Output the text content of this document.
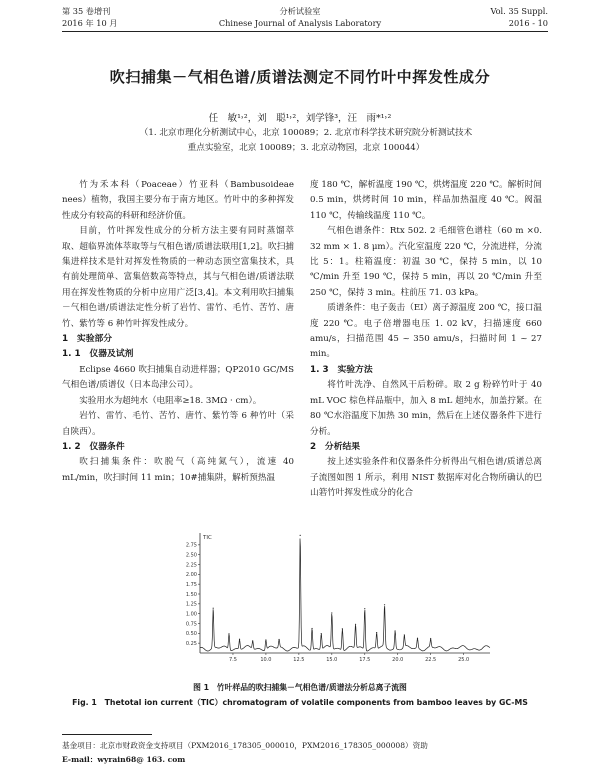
第 35 卷增刊
2016 年 10 月
分析试验室
Chinese Journal of Analysis Laboratory
Vol. 35 Suppl.
2016 - 10
吹扫捕集－气相色谱/质谱法测定不同竹叶中挥发性成分
任　敏¹˒²，刘　聪¹˒²，刘学锋³，汪　雨*¹˒²
（1. 北京市理化分析测试中心，北京 100089；2. 北京市科学技术研究院分析测试技术
重点实验室，北京 100089；3. 北京动物园，北京 100044）

竹为禾本科（Poaceae）竹亚科（Bambusoideae nees）植物，我国主要分布于南方地区。竹叶中的多种挥发性成分有较高的科研和经济价值。

目前，竹叶挥发性成分的分析方法主要有同时蒸馏萃取、超临界流体萃取等与气相色谱/质谱法联用[1,2]。吹扫捕集进样技术是针对挥发性物质的一种动态顶空富集技术，具有前处理简单、富集倍数高等特点，其与气相色谱/质谱法联用在挥发性物质的分析中应用广泛[3,4]。本文利用吹扫捕集－气相色谱/质谱法定性分析了岩竹、雷竹、毛竹、苦竹、唐竹、紫竹等 6 种竹叶挥发性成分。

1　实验部分
1. 1　仪器及试剂

Eclipse 4660 吹扫捕集自动进样器；QP2010 GC/MS 气相色谱/质谱仪（日本岛津公司）。

实验用水为超纯水（电阻率≥18. 3MΩ · cm）。

岩竹、雷竹、毛竹、苦竹、唐竹、紫竹等 6 种竹叶（采自陕西）。

1. 2　仪器条件

吹扫捕集条件：吹脱气（高纯氮气），流速 40 mL/min，吹扫时间 11 min；10#捕集阱，解析预热温

度 180 ℃，解析温度 190 ℃，烘烤温度 220 ℃。解析时间 0.5 min，烘烤时间 10 min，样品加热温度 40 ℃。阀温 110 ℃，传输线温度 110 ℃。

气相色谱条件：Rtx 502. 2 毛细管色谱柱（60 m ×0. 32 mm × 1. 8 μm）。汽化室温度 220 ℃，分流进样，分流比 5：1。柱箱温度：初温 30 ℃，保持 5 min，以 10 ℃/min 升至 190 ℃，保持 5 min，再以 20 ℃/min 升至 250 ℃，保持 3 min。柱前压 71. 03 kPa。

质谱条件：电子轰击（EI）离子源温度 200 ℃，接口温度 220 ℃。电子倍增器电压 1. 02 kV，扫描速度 660 amu/s，扫描范围 45 ~ 350 amu/s，扫描时间 1 ~ 27 min。

1. 3　实验方法

将竹叶洗净、自然风干后粉碎。取 2 g 粉碎竹叶于 40 mL VOC 棕色样品瓶中，加入 8 mL 超纯水，加盖拧紧。在 80 ℃水浴温度下加热 30 min，然后在上述仪器条件下进行分析。

2　分析结果

按上述实验条件和仪器条件分析得出气相色谱/质谱总离子流图如图 1 所示，利用 NIST 数据库对化合物所确认的巴山箬竹叶挥发性成分的化合

TIC
0.25
0.50
0.75
1.00
1.25
1.50
1.75
2.00
2.25
2.50
2.75
7.5	10.0	12.5	15.0	17.5	20.0	22.5	25.0
图 1　竹叶样品的吹扫捕集－气相色谱/质谱法分析总离子流图
Fig. 1　Thetotal ion current（TIC）chromatogram of volatile components from bamboo leaves by GC-MS
基金项目：北京市财政资金支持项目（PXM2016_178305_000010，PXM2016_178305_000008）资助
E-mail：wyrain68@ 163. com
